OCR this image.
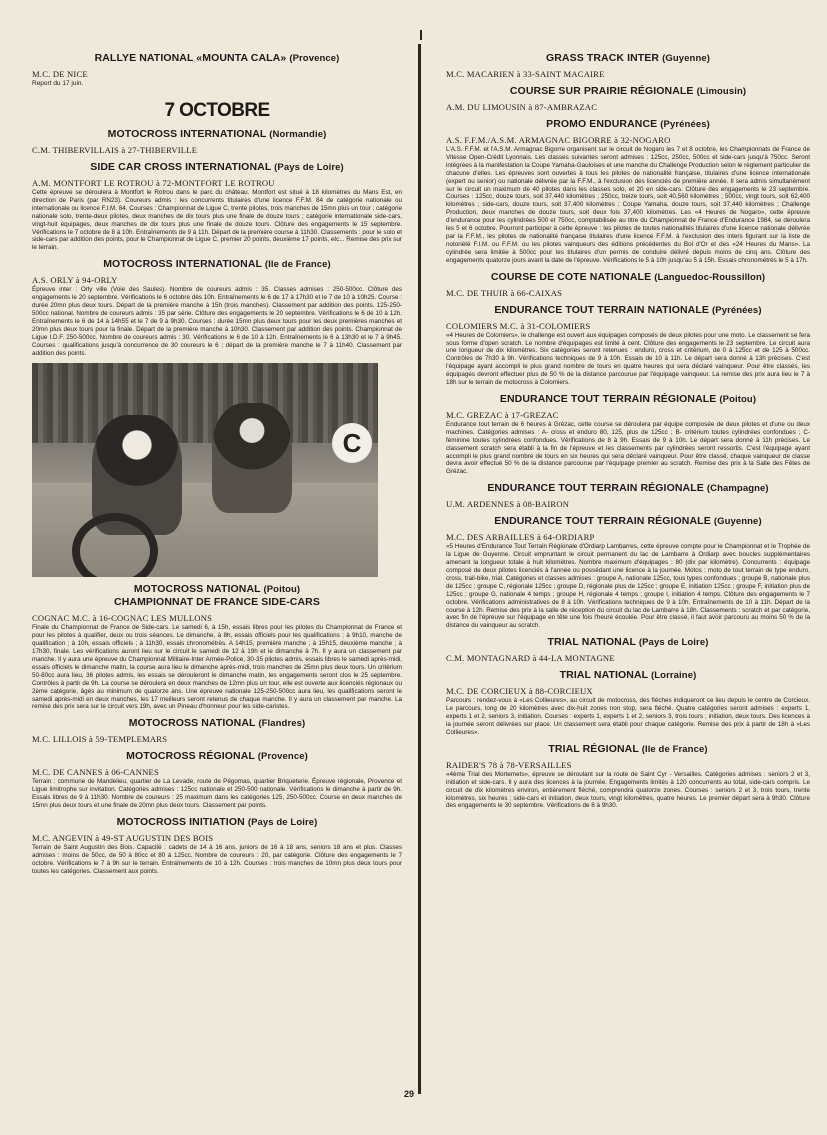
RALLYE NATIONAL «MOUNTA CALA» (Provence)
M.C. DE NICE
Report du 17 juin.
7 OCTOBRE
MOTOCROSS INTERNATIONAL (Normandie)
C.M. THIBERVILLAIS à 27-THIBERVILLE
SIDE CAR CROSS INTERNATIONAL (Pays de Loire)
A.M. MONTFORT LE ROTROU à 72-MONTFORT LE ROTROU

Cette épreuve se déroulera à Montfort le Rotrou dans le parc du château. Montfort est situé à 18 kilomètres du Mans Est, en direction de Paris (par RN23). Coureurs admis : les concurrents titulaires d'une licence F.F.M. 84 de catégorie nationale ou internationale ou licence F.I.M. 84. Courses : Championnat de Ligue C, trente pilotes, trois manches de 15mn plus un tour ; catégorie nationale solo, trente-deux pilotes, deux manches de dix tours plus une finale de douze tours ; catégorie internationale side-cars, vingt-huit équipages, deux manches de dix tours plus une finale de douze tours. Clôture des engagements le 15 septembre. Vérifications le 7 octobre de 8 à 10h. Entraînements de 9 à 11h. Départ de la première course à 11h30. Classements : pour le solo et side-cars par addition des points, pour le Championnat de Ligue C, premier 20 points, deuxième 17 points, etc... Remise des prix sur le terrain.

MOTOCROSS INTERNATIONAL (Ile de France)
A.S. ORLY à 94-ORLY

Épreuve inter : Orly ville (Voie des Saules). Nombre de coureurs admis : 35. Classes admises : 250-500cc. Clôture des engagements le 20 septembre. Vérifications le 6 octobre dès 10h. Entraînements le 6 de 17 à 17h30 et le 7 de 10 à 10h25. Course : durée 20mn plus deux tours. Départ de la première manche à 15h (trois manches). Classement par addition des points. 125-250-500cc national. Nombre de coureurs admis : 35 par série. Clôture des engagements le 20 septembre. Vérifications le 6 de 10 à 12h. Entraînements le 6 de 14 à 14h55 et le 7 de 9 à 9h30. Courses : durée 15mn plus deux tours pour les deux premières manches et 20mn plus deux tours pour la finale. Départ de la première manche à 10h30. Classement par addition des points. Championnat de Ligue I.D.F. 250-500cc. Nombre de coureurs admis : 30. Vérifications le 6 de 10 à 12h. Entraînements le 6 à 13h30 et le 7 à 9h45. Courses : qualifications jusqu'à concurrence de 30 coureurs le 6 ; départ de la première manche le 7 à 11h40. Classement par addition des points.

C
MOTOCROSS NATIONAL (Poitou)
CHAMPIONNAT DE FRANCE SIDE-CARS
COGNAC M.C. à 16-COGNAC LES MULLONS

Finale du Championnat de France de Side-cars. Le samedi 6, à 15h, essais libres pour les pilotes du Championnat de France et pour les pilotes à qualifier, deux ou trois séances. Le dimanche, à 8h, essais officiels pour les qualifications ; à 9h10, manche de qualification ; à 10h, essais officiels ; à 11h30, essais chronométrés. A 14h15, première manche ; à 15h15, deuxième manche ; à 17h30, finale. Les vérifications auront lieu sur le circuit le samedi de 12 à 19h et le dimanche à 7h. Il y aura un classement par manche. Il y aura une épreuve du Championnat Militaire-Inter Armée-Police, 30-35 pilotes admis, essais libres le samedi après-midi, essais officiels le dimanche matin, la course aura lieu le dimanche après-midi, trois manches de 25mn plus deux tours. Un critérium 50-80cc aura lieu, 36 pilotes admis, les essais se dérouleront le dimanche matin, les engagements seront clos le 25 septembre. Contrôles à partir de 9h. La course se déroulera en deux manches de 12mn plus un tour, elle est ouverte aux licenciés régionaux ou 2ème catégorie, âgés au minimum de quatorze ans. Une épreuve nationale 125-250-500cc aura lieu, les qualifications seront le samedi après-midi en deux manches, les 17 meilleurs seront retenus de chaque manche. Il y aura un classement par manche. La remise des prix sera sur le circuit vers 19h, avec un Pineau d'honneur pour les side-caristes.

MOTOCROSS NATIONAL (Flandres)
M.C. LILLOIS à 59-TEMPLEMARS
MOTOCROSS RÉGIONAL (Provence)
M.C. DE CANNES à 06-CANNES

Terrain : commune de Mandelieu, quartier de La Levade, route de Pégomas, quartier Briqueterie. Épreuve régionale, Provence et Ligue limitrophe sur invitation. Catégories admises : 125cc nationale et 250-500 nationale. Vérifications le dimanche à partir de 9h. Essais libres de 9 à 11h30. Nombre de coureurs : 25 maximum dans les catégories 125, 250-500cc. Course en deux manches de 15mn plus deux tours et une finale de 20mn plus deux tours. Classement par points.

MOTOCROSS INITIATION (Pays de Loire)
M.C. ANGEVIN à 49-ST AUGUSTIN DES BOIS

Terrain de Saint Augustin des Bois. Capacité : cadets de 14 à 16 ans, juniors de 16 à 18 ans, seniors 18 ans et plus. Classes admises : moins de 50cc, de 50 à 80cc et 80 à 125cc. Nombre de coureurs : 20, par catégorie. Clôture des engagements le 7 octobre. Vérifications le 7 à 9h sur le terrain. Entraînements de 10 à 12h. Courses : trois manches de 10mn plus deux tours pour toutes les catégories. Classement aux points.

GRASS TRACK INTER (Guyenne)
M.C. MACARIEN à 33-SAINT MACAIRE
COURSE SUR PRAIRIE RÉGIONALE (Limousin)
A.M. DU LIMOUSIN à 87-AMBRAZAC
PROMO ENDURANCE (Pyrénées)
A.S. F.F.M./A.S.M. ARMAGNAC BIGORRE à 32-NOGARO

L'A.S. F.F.M. et l'A.S.M. Armagnac Bigorre organisent sur le circuit de Nogaro les 7 et 8 octobre, les Championnats de France de Vitesse Open-Crédit Lyonnais. Les classes suivantes seront admises : 125cc, 250cc, 500cc et side-cars jusqu'à 750cc. Seront intégrées à la manifestation la Coupe Yamaha-Gauloises et une manche du Challenge Production selon le règlement particulier de chacune d'elles. Les épreuves sont ouvertes à tous les pilotes de nationalité française, titulaires d'une licence internationale (expert ou senior) ou nationale délivrée par la F.F.M., à l'exclusion des licenciés de première année. Il sera admis simultanément sur le circuit un maximum de 40 pilotes dans les classes solo, et 20 en side-cars. Clôture des engagements le 23 septembre. Courses : 125cc, douze tours, soit 37,440 kilomètres ; 250cc, treize tours, soit 40,560 kilomètres ; 500cc, vingt tours, soit 62,400 kilomètres ; side-cars, douze tours, soit 37,400 kilomètres ; Coupe Yamaha, douze tours, soit 37,440 kilomètres ; Challenge Production, deux manches de douze tours, soit deux fois 37,400 kilomètres. Les «4 Heures de Nogaro», cette épreuve d'endurance pour les cylindrées 500 et 750cc, comptabilisée au titre du Championnat de France d'Endurance 1984, se déroulera les 5 et 6 octobre. Pourront participer à cette épreuve : les pilotes de toutes nationalités titulaires d'une licence nationale délivrée par la F.F.M., les pilotes de nationalité française titulaires d'une licence F.F.M. à l'exclusion des inters figurant sur la liste de notoriété F.I.M. ou F.F.M. ou les pilotes vainqueurs des éditions précédentes du Bol d'Or et des «24 Heures du Mans». La cylindrée sera limitée à 500cc pour les titulaires d'un permis de conduire délivré depuis moins de cinq ans. Clôture des engagements quatorze jours avant la date de l'épreuve. Vérifications le 5 à 10h jusqu'au 5 à 15h. Essais chronométrés le 5 à 17h.

COURSE DE COTE NATIONALE (Languedoc-Roussillon)
M.C. DE THUIR à 66-CAIXAS
ENDURANCE TOUT TERRAIN NATIONALE (Pyrénées)
COLOMIERS M.C. à 31-COLOMIERS

«4 Heures de Colomiers», le challenge est ouvert aux équipages composés de deux pilotes pour une moto. Le classement se fera sous forme d'open scratch. Le nombre d'équipages est limité à cent. Clôture des engagements le 23 septembre. Le circuit aura une longueur de dix kilomètres. Six catégories seront retenues : enduro, cross et critérium, de 0 à 125cc et de 125 à 500cc. Contrôles de 7h30 à 9h. Vérifications techniques de 9 à 10h. Essais de 10 à 11h. Le départ sera donné à 13h précises. C'est l'équipage ayant accompli le plus grand nombre de tours en quatre heures qui sera déclaré vainqueur. Pour être classés, les équipages devront effectuer plus de 50 % de la distance parcourue par l'équipage vainqueur. La remise des prix aura lieu le 7 à 18h sur le terrain de motocross à Colomiers.

ENDURANCE TOUT TERRAIN RÉGIONALE (Poitou)
M.C. GREZAC à 17-GREZAC

Endurance tout terrain de 6 heures à Grézac, cette course se déroulera par équipe composée de deux pilotes et d'une ou deux machines. Catégories admises : A- cross et enduro 80, 125, plus de 125cc ; B- critérium toutes cylindrées confondues ; C- féminine toutes cylindrées confondues. Vérifications de 8 à 9h. Essais de 9 à 10h. Le départ sera donné à 11h précises. Le classement scratch sera établi à la fin de l'épreuve et les classements par cylindrées seront ressortis. C'est l'équipage ayant accompli le plus grand nombre de tours en six heures qui sera déclaré vainqueur. Pour être classé, chaque vainqueur de classe devra avoir effectué 50 % de la distance parcourue par l'équipage premier au scratch. Remise des prix à la Salle des Fêtes de Grézac.

ENDURANCE TOUT TERRAIN RÉGIONALE (Champagne)
U.M. ARDENNES à 08-BAIRON
ENDURANCE TOUT TERRAIN RÉGIONALE (Guyenne)
M.C. DES ARBAILLES à 64-ORDIARP

«5 Heures d'Endurance Tout Terrain Régionale d'Ordiarp Lambarres, cette épreuve compte pour le Championnat et le Trophée de la Ligue de Guyenne. Circuit empruntant le circuit permanent du lac de Lambarre à Ordiarp avec boucles supplémentaires amenant la longueur totale à huit kilomètres. Nombre maximum d'équipages : 80 (dix par kilomètre). Concurrents : équipage composé de deux pilotes licenciés à l'année ou possédant une licence à la journée. Motos : moto de tout terrain de type enduro, cross, trail-bike, trial. Catégories et classes admises : groupe A, nationale 125cc, tous types confondues ; groupe B, nationale plus de 125cc ; groupe C, régionale 125cc ; groupe D, régionale plus de 125cc ; groupe E, initiation 125cc ; groupe F, initiation plus de 125cc ; groupe G, nationale 4 temps ; groupe H, régionale 4 temps ; groupe I, initiation 4 temps. Clôture des engagements le 7 octobre. Vérifications administratives de 8 à 10h. Vérifications techniques de 9 à 10h. Entraînements de 10 à 11h. Départ de la course à 12h. Remise des prix à la salle de réception du circuit du lac de Lambarre à 18h. Classements : scratch et par catégorie, avec fin de l'épreuve sur l'équipage en tête une fois l'heure écoulée. Pour être classé, il faut avoir parcouru au moins 50 % de la distance du vainqueur au scratch.

TRIAL NATIONAL (Pays de Loire)
C.M. MONTAGNARD à 44-LA MONTAGNE
TRIAL NATIONAL (Lorraine)
M.C. DE CORCIEUX à 88-CORCIEUX

Parcours : rendez-vous à «Les Collieures», au circuit de motocross, des flèches indiqueront ce lieu depuis le centre de Corcieux. Le parcours, long de 20 kilomètres avec dix-huit zones non stop, sera fléché. Quatre catégories seront admises : experts 1, experts 1 et 2, seniors 3, initiation. Courses : experts 1, experts 1 et 2, seniors 3, trois tours ; initiation, deux tours. Des licences à la journée seront délivrées sur place. Un classement sera établi pour chaque catégorie. Remise des prix à partir de 18h à «Les Collieures».

TRIAL RÉGIONAL (Ile de France)
RAIDER'S 78 à 78-VERSAILLES

«4ème Trial des Mortemets», épreuve se déroulant sur la route de Saint Cyr - Versailles. Catégories admises : seniors 2 et 3, initiation et side-cars. Il y aura des licences à la journée. Engagements limités à 120 concurrents au total, side-cars compris. Le circuit de dix kilomètres environ, entièrement fléché, comprendra quatorze zones. Courses : seniors 2 et 3, trois tours, trente kilomètres, six heures ; side-cars et initiation, deux tours, vingt kilomètres, quatre heures. Le premier départ sera à 9h30. Clôture des engagements le 30 septembre. Vérifications de 8 à 9h30.

29
